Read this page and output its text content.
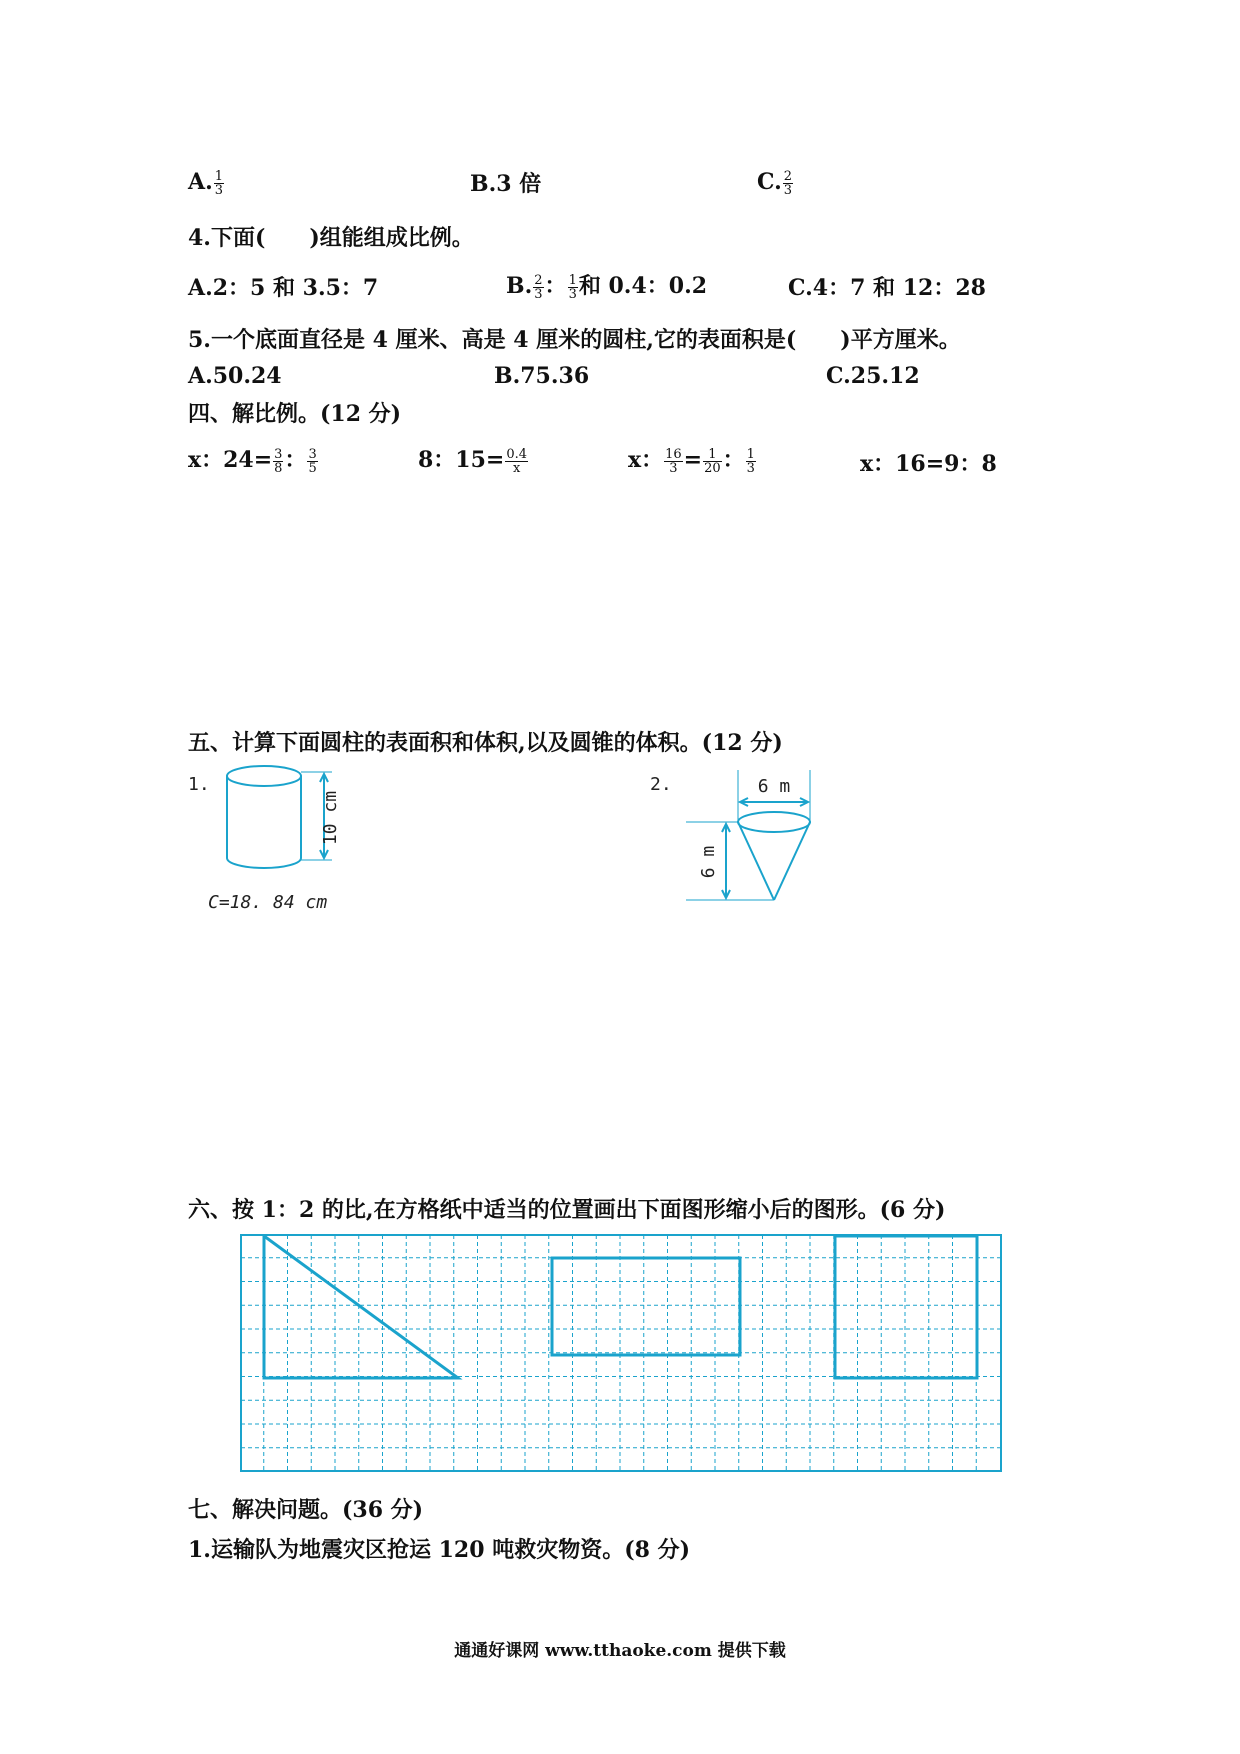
A. $\frac{1}{3}$	B.3 倍	C. $\frac{2}{3}$
4.下面(　　)组能组成比例。
A.2：5 和 3.5：7	B. $\frac{2}{3}$ ： $\frac{1}{3}$ 和 0.4：0.2	C.4：7 和 12：28
5.一个底面直径是 4 厘米、高是 4 厘米的圆柱,它的表面积是(　　)平方厘米。
A.50.24	B.75.36	C.25.12
四、解比例。(12 分)
x：$24= \frac{3}{8}$ ： $\frac{3}{5}$	8：$15= \frac{0.4}{x}$	x： $\frac{16}{3} = \frac{1}{20}$ ： $\frac{1}{3}$	x：16=9：8
五、计算下面圆柱的表面积和体积,以及圆锥的体积。(12 分)
1.	2.
10 cm
C=18. 84 cm
6 m
6 m
六、按 1：2 的比,在方格纸中适当的位置画出下面图形缩小后的图形。(6 分)
七、解决问题。(36 分)
1.运输队为地震灾区抢运 120 吨救灾物资。(8 分)
通通好课网 www.tthaoke.com 提供下载
